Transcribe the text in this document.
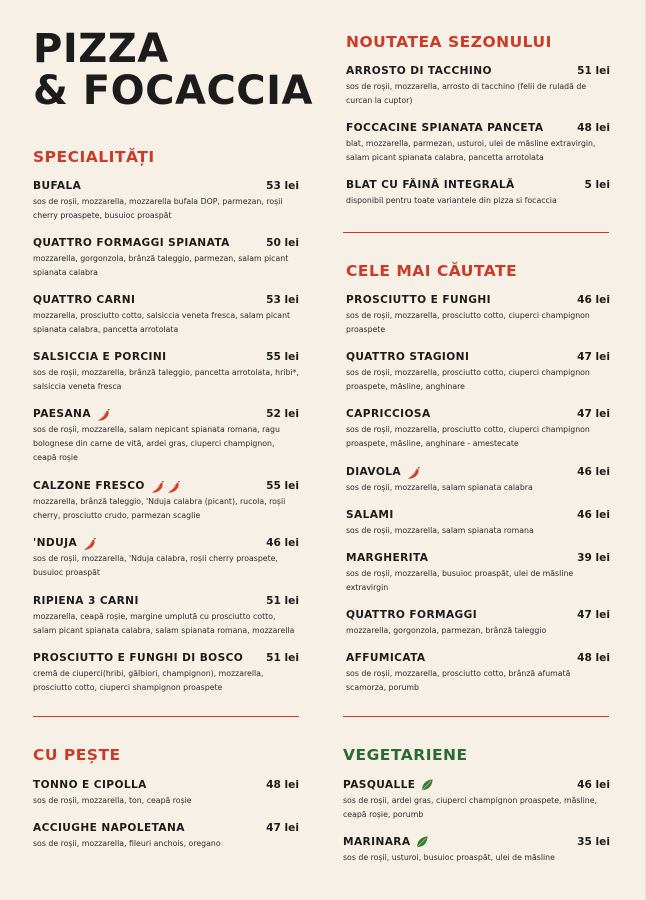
PIZZA
& FOCACCIA
SPECIALITĂȚI
BUFALA	53 lei
sos de roșii, mozzarella, mozzarella bufala DOP, parmezan, roșii cherry proaspete, busuioc proaspăt
QUATTRO FORMAGGI SPIANATA	50 lei
mozzarella, gorgonzola, brânză taleggio, parmezan, salam picant spianata calabra
QUATTRO CARNI	53 lei
mozzarella, prosciutto cotto, salsiccia veneta fresca, salam picant spianata calabra, pancetta arrotolata
SALSICCIA E PORCINI	55 lei
sos de roșii, mozzarella, brânză taleggio, pancetta arrotolata, hribi*, salsiccia veneta fresca
PAESANA	52 lei
sos de roșii, mozzarella, salam nepicant spianata romana, ragu bolognese din carne de vită, ardei gras, ciuperci champignon, ceapă roșie
CALZONE FRESCO	55 lei
mozzarella, brânză taleggio, 'Nduja calabra (picant), rucola, roșii cherry, prosciutto crudo, parmezan scaglie
'NDUJA	46 lei
sos de roșii, mozzarella, 'Nduja calabra, roșii cherry proaspete, busuioc proaspăt
RIPIENA 3 CARNI	51 lei
mozzarella, ceapă roșie, margine umplută cu prosciutto cotto, salam picant spianata calabra, salam spianata romana, mozzarella
PROSCIUTTO E FUNGHI DI BOSCO 51 lei
cremă de ciuperci(hribi, gălbiori, champignon), mozzarella, prosciutto cotto, ciuperci shampignon proaspete
CU PEȘTE
TONNO E CIPOLLA	48 lei
sos de roșii, mozzarella, ton, ceapă roșie
ACCIUGHE NAPOLETANA	47 lei
sos de roșii, mozzarella, fileuri anchois, oregano
NOUTATEA SEZONULUI
ARROSTO DI TACCHINO	51 lei
sos de roșii, mozzarella, arrosto di tacchino (felii de ruladă de curcan la cuptor)
FOCCACINE SPIANATA PANCETA	48 lei
blat, mozzarella, parmezan, usturoi, ulei de măsline extravirgin, salam picant spianata calabra, pancetta arrotolata
BLAT CU FĂINĂ INTEGRALĂ	5 lei
disponibil pentru toate variantele din pizza si focaccia
CELE MAI CĂUTATE
PROSCIUTTO E FUNGHI	46 lei
sos de roșii, mozzarella, prosciutto cotto, ciuperci champignon proaspete
QUATTRO STAGIONI	47 lei
sos de roșii, mozzarella, prosciutto cotto, ciuperci champignon proaspete, măsline, anghinare
CAPRICCIOSA	47 lei
sos de roșii, mozzarella, prosciutto cotto, ciuperci champignon proaspete, măsline, anghinare - amestecate
DIAVOLA	46 lei
sos de roșii, mozzarella, salam spianata calabra
SALAMI	46 lei
sos de roșii, mozzarella, salam spianata romana
MARGHERITA	39 lei
sos de roșii, mozzarella, busuioc proaspăt, ulei de măsline extravirgin
QUATTRO FORMAGGI	47 lei
mozzarella, gorgonzola, parmezan, brânză taleggio
AFFUMICATA	48 lei
sos de roșii, mozzarella, prosciutto cotto, brânză afumată scamorza, porumb
VEGETARIENE
PASQUALLE	46 lei
sos de roșii, ardei gras, ciuperci champignon proaspete, măsline, ceapă roșie, porumb
MARINARA	35 lei
sos de roșii, usturoi, busuioc proaspăt, ulei de măsline
